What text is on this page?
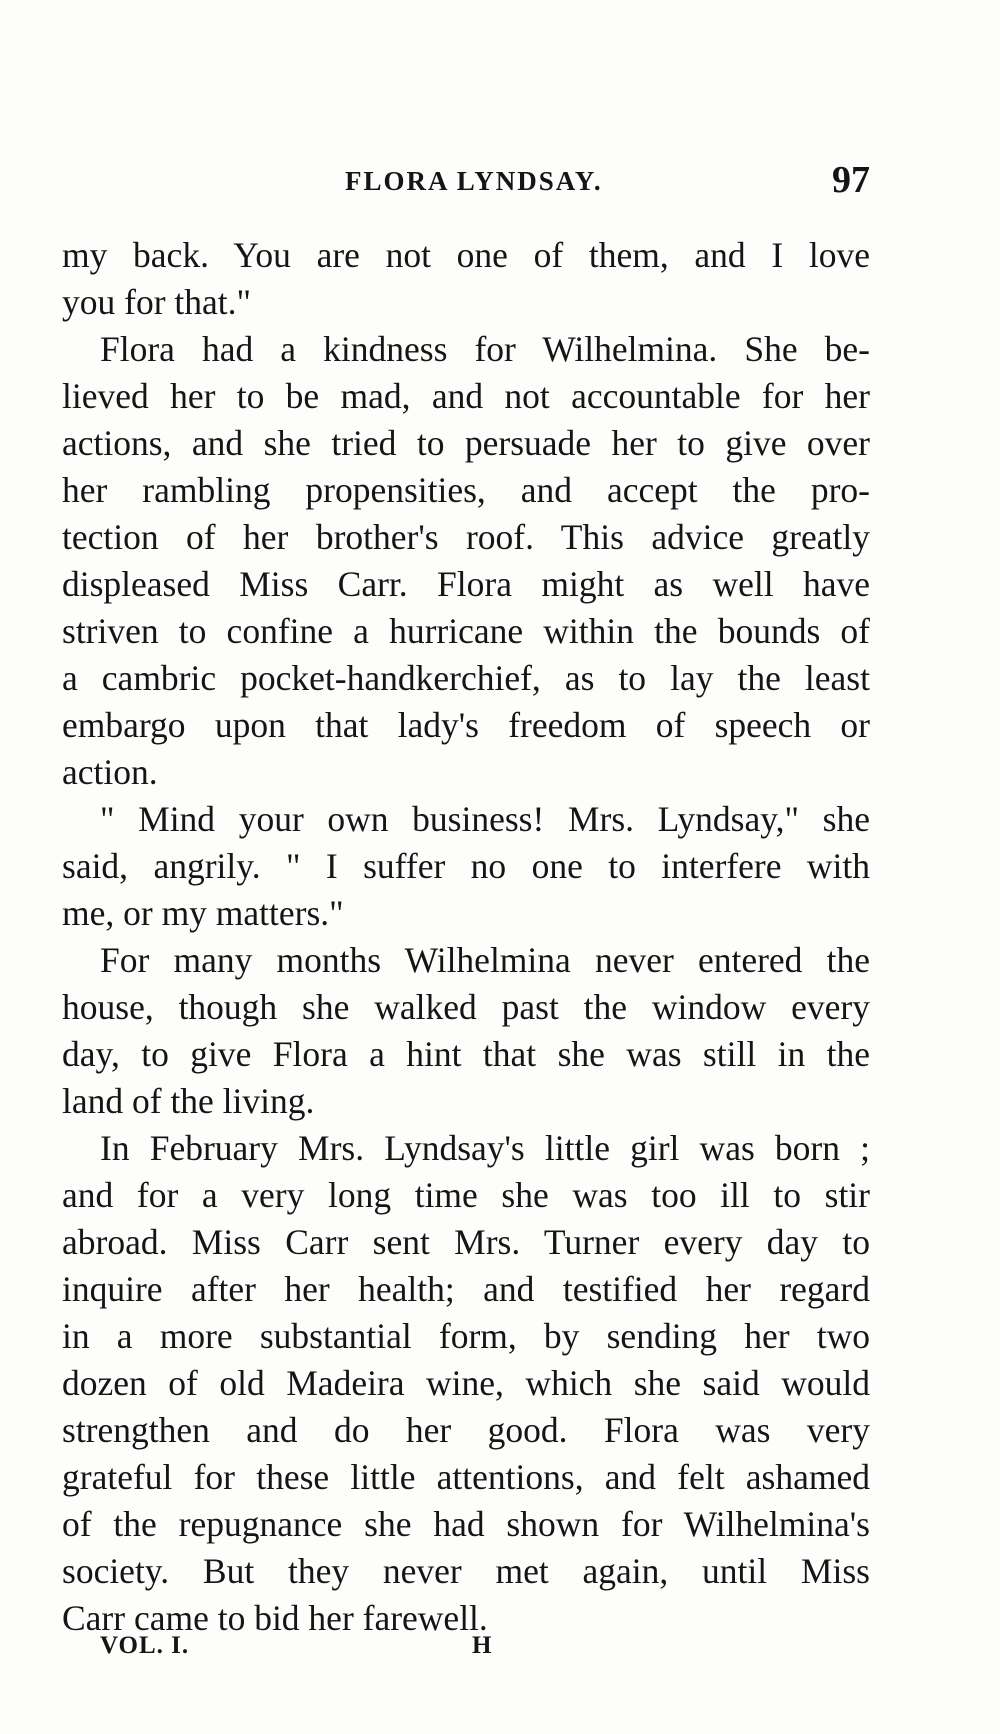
FLORA LYNDSAY.	97
my back. You are not one of them, and I love
you for that."
Flora had a kindness for Wilhelmina. She be-
lieved her to be mad, and not accountable for her
actions, and she tried to persuade her to give over
her rambling propensities, and accept the pro-
tection of her brother's roof. This advice greatly
displeased Miss Carr. Flora might as well have
striven to confine a hurricane within the bounds of
a cambric pocket-handkerchief, as to lay the least
embargo upon that lady's freedom of speech or
action.
" Mind your own business! Mrs. Lyndsay," she
said, angrily. " I suffer no one to interfere with
me, or my matters."
For many months Wilhelmina never entered the
house, though she walked past the window every
day, to give Flora a hint that she was still in the
land of the living.
In February Mrs. Lyndsay's little girl was born ;
and for a very long time she was too ill to stir
abroad. Miss Carr sent Mrs. Turner every day to
inquire after her health; and testified her regard
in a more substantial form, by sending her two
dozen of old Madeira wine, which she said would
strengthen and do her good. Flora was very
grateful for these little attentions, and felt ashamed
of the repugnance she had shown for Wilhelmina's
society. But they never met again, until Miss
Carr came to bid her farewell.
VOL. I.	H
